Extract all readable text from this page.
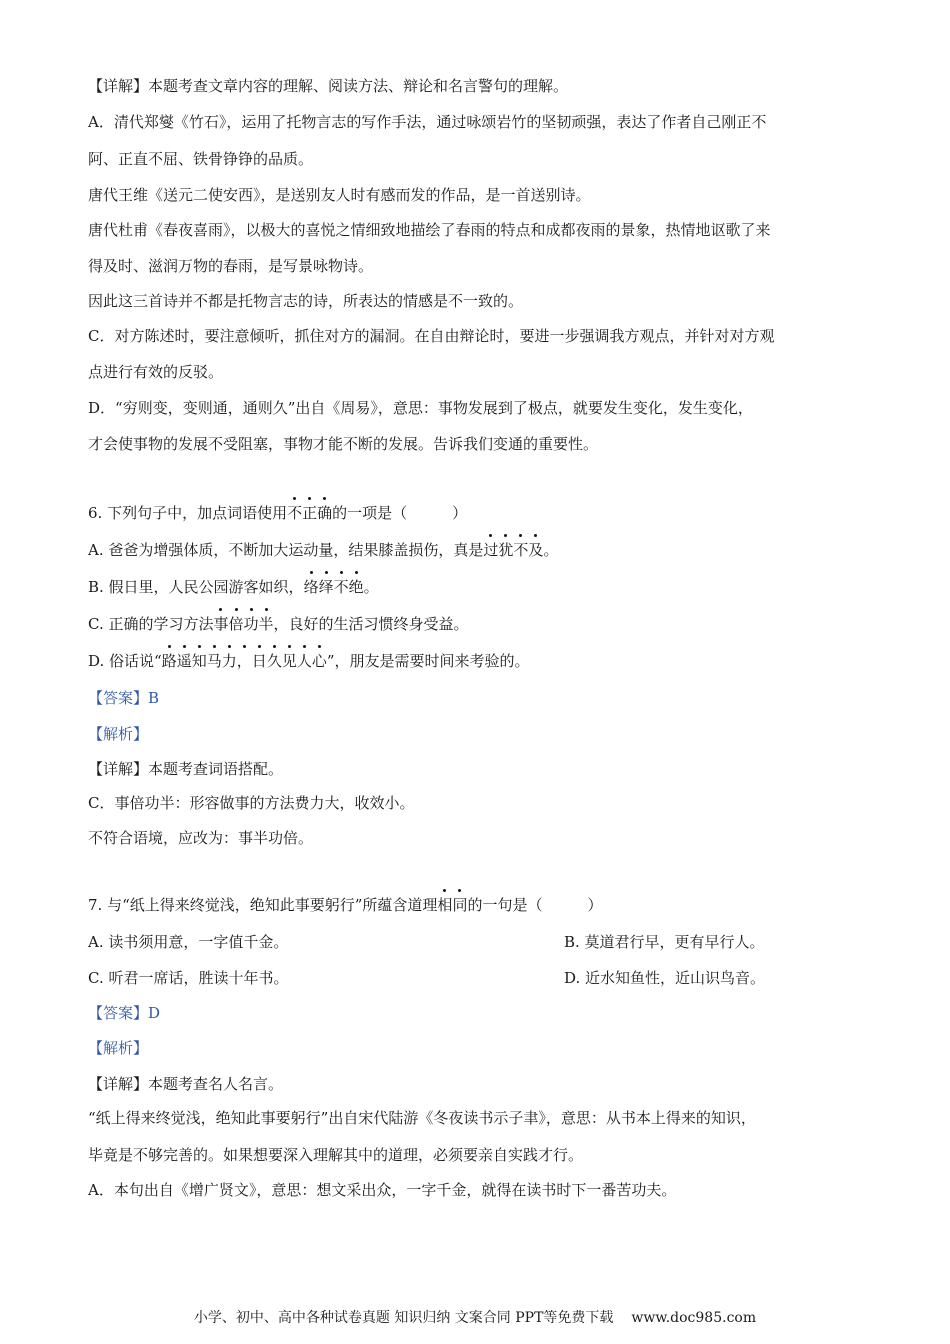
【详解】本题考查文章内容的理解、阅读方法、辩论和名言警句的理解。
A．清代郑燮《竹石》，运用了托物言志的写作手法，通过咏颂岩竹的坚韧顽强，表达了作者自己刚正不
阿、正直不屈、铁骨铮铮的品质。
唐代王维《送元二使安西》，是送别友人时有感而发的作品，是一首送别诗。
唐代杜甫《春夜喜雨》，以极大的喜悦之情细致地描绘了春雨的特点和成都夜雨的景象，热情地讴歌了来
得及时、滋润万物的春雨，是写景咏物诗。
因此这三首诗并不都是托物言志的诗，所表达的情感是不一致的。
C．对方陈述时，要注意倾听，抓住对方的漏洞。在自由辩论时，要进一步强调我方观点，并针对对方观
点进行有效的反驳。
D．“穷则变，变则通，通则久”出自《周易》，意思：事物发展到了极点，就要发生变化，发生变化，
才会使事物的发展不受阻塞，事物才能不断的发展。告诉我们变通的重要性。
6. 下列句子中，加点词语使用不正确的一项是（　　　）
A. 爸爸为增强体质，不断加大运动量，结果膝盖损伤，真是过犹不及。
B. 假日里，人民公园游客如织，络绎不绝。
C. 正确的学习方法事倍功半，良好的生活习惯终身受益。
D. 俗话说“路遥知马力，日久见人心”，朋友是需要时间来考验的。
【答案】B
【解析】
【详解】本题考查词语搭配。
C．事倍功半：形容做事的方法费力大，收效小。
不符合语境，应改为：事半功倍。
7. 与“纸上得来终觉浅，绝知此事要躬行”所蕴含道理相同的一句是（　　　）
A. 读书须用意，一字值千金。	B. 莫道君行早，更有早行人。
C. 听君一席话，胜读十年书。	D. 近水知鱼性，近山识鸟音。
【答案】D
【解析】
【详解】本题考查名人名言。
“纸上得来终觉浅，绝知此事要躬行”出自宋代陆游《冬夜读书示子聿》，意思：从书本上得来的知识，
毕竟是不够完善的。如果想要深入理解其中的道理，必须要亲自实践才行。
A．本句出自《增广贤文》，意思：想文采出众，一字千金，就得在读书时下一番苦功夫。
小学、初中、高中各种试卷真题 知识归纳 文案合同 PPT等免费下载 www.doc985.com
